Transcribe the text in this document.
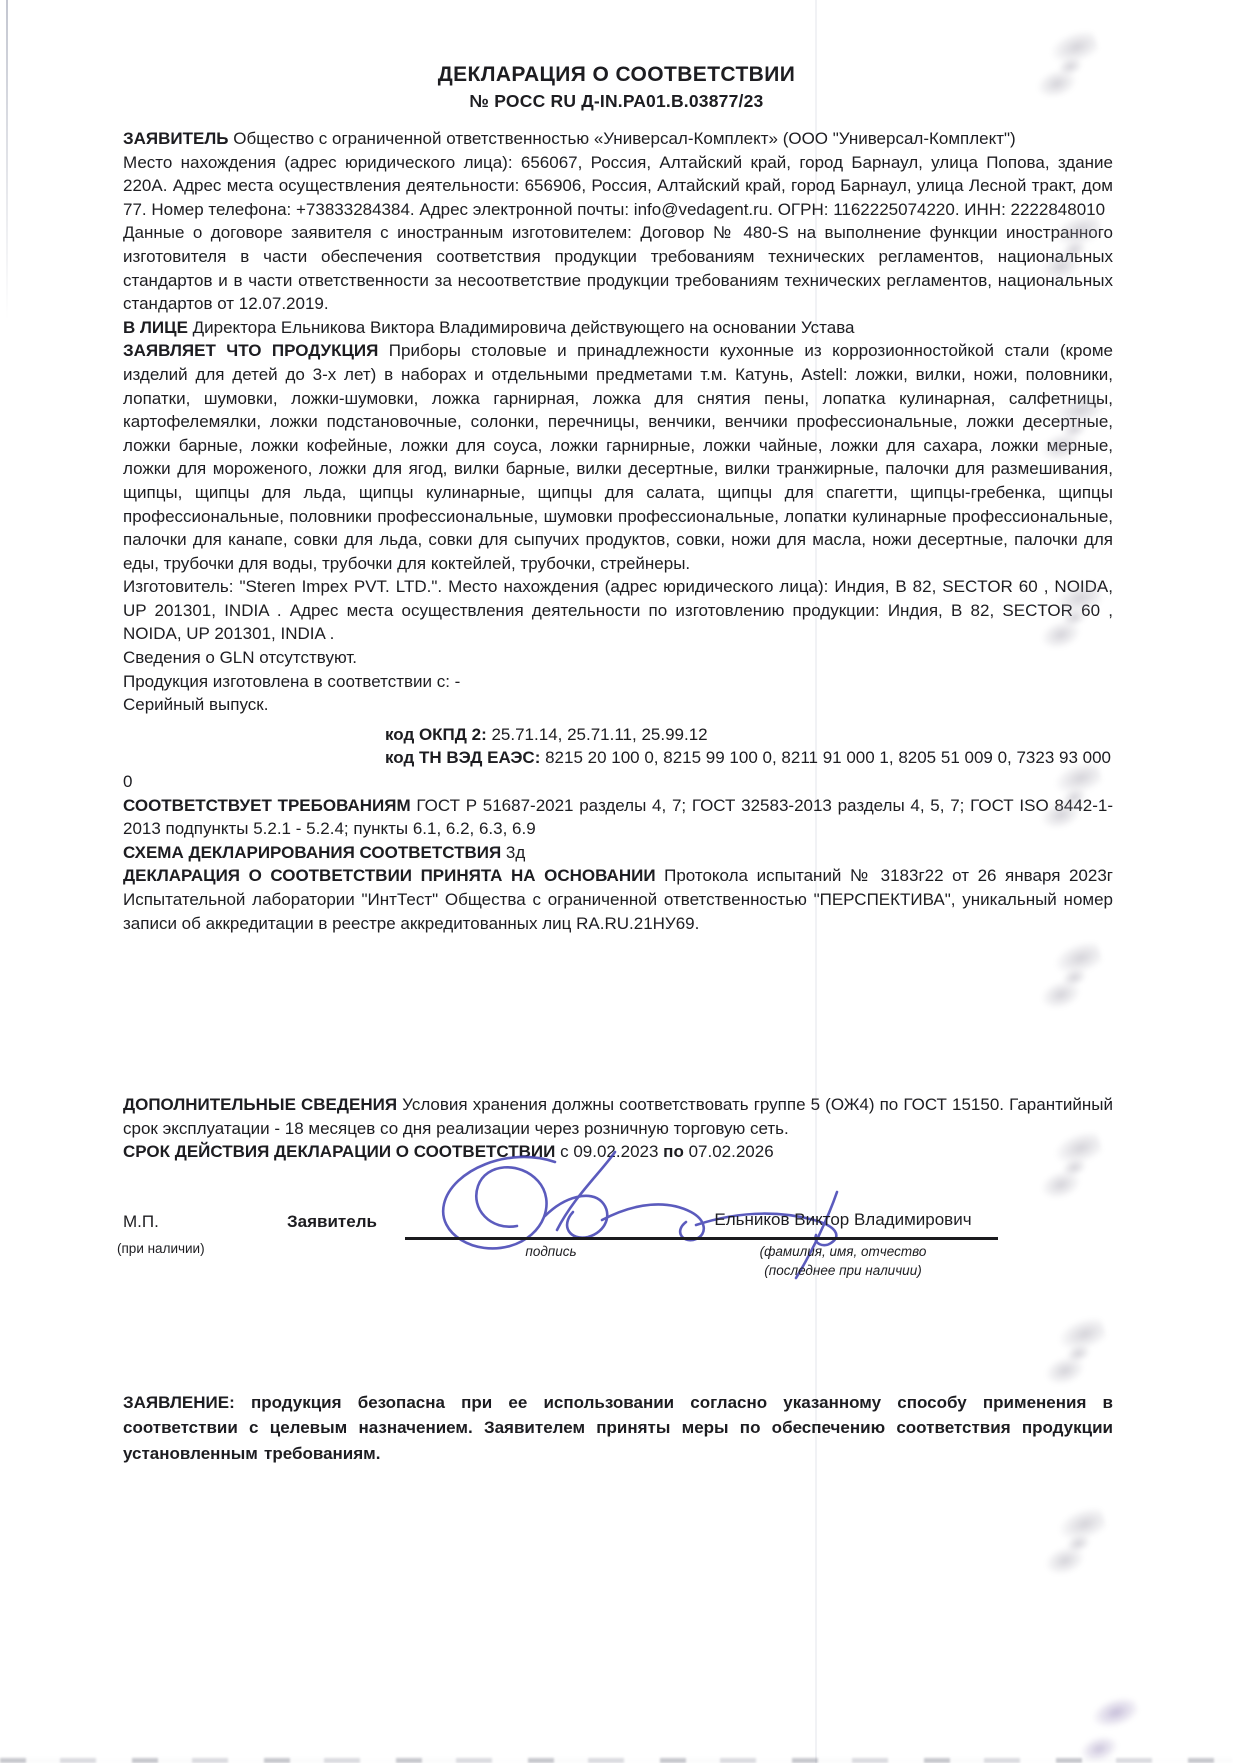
ДЕКЛАРАЦИЯ О СООТВЕТСТВИИ
№ РОСС RU Д-IN.РА01.В.03877/23

ЗАЯВИТЕЛЬ Общество с ограниченной ответственностью «Универсал-Комплект» (ООО "Универсал-Комплект")

Место нахождения (адрес юридического лица): 656067, Россия, Алтайский край, город Барнаул, улица Попова, здание 220А. Адрес места осуществления деятельности: 656906, Россия, Алтайский край, город Барнаул, улица Лесной тракт, дом 77. Номер телефона: +73833284384. Адрес электронной почты: info@vedagent.ru. ОГРН: 1162225074220. ИНН: 2222848010

Данные о договоре заявителя с иностранным изготовителем: Договор № 480-S на выполнение функции иностранного изготовителя в части обеспечения соответствия продукции требованиям технических регламентов, национальных стандартов и в части ответственности за несоответствие продукции требованиям технических регламентов, национальных стандартов от 12.07.2019.

В ЛИЦЕ Директора Ельникова Виктора Владимировича действующего на основании Устава

ЗАЯВЛЯЕТ ЧТО ПРОДУКЦИЯ Приборы столовые и принадлежности кухонные из коррозионностойкой стали (кроме изделий для детей до 3-х лет) в наборах и отдельными предметами т.м. Катунь, Astell: ложки, вилки, ножи, половники, лопатки, шумовки, ложки-шумовки, ложка гарнирная, ложка для снятия пены, лопатка кулинарная, салфетницы, картофелемялки, ложки подстановочные, солонки, перечницы, венчики, венчики профессиональные, ложки десертные, ложки барные, ложки кофейные, ложки для соуса, ложки гарнирные, ложки чайные, ложки для сахара, ложки мерные, ложки для мороженого, ложки для ягод, вилки барные, вилки десертные, вилки транжирные, палочки для размешивания, щипцы, щипцы для льда, щипцы кулинарные, щипцы для салата, щипцы для спагетти, щипцы-гребенка, щипцы профессиональные, половники профессиональные, шумовки профессиональные, лопатки кулинарные профессиональные, палочки для канапе, совки для льда, совки для сыпучих продуктов, совки, ножи для масла, ножи десертные, палочки для еды, трубочки для воды, трубочки для коктейлей, трубочки, стрейнеры.

Изготовитель: "Steren Impex PVT. LTD.". Место нахождения (адрес юридического лица): Индия, B 82, SECTOR 60 , NOIDA, UP 201301, INDIA . Адрес места осуществления деятельности по изготовлению продукции: Индия, B 82, SECTOR 60 , NOIDA, UP 201301, INDIA .

Сведения о GLN отсутствуют.

Продукция изготовлена в соответствии с: -

Серийный выпуск.

код ОКПД 2: 25.71.14, 25.71.11, 25.99.12

код ТН ВЭД ЕАЭС: 8215 20 100 0, 8215 99 100 0, 8211 91 000 1, 8205 51 009 0, 7323 93 000 0

СООТВЕТСТВУЕТ ТРЕБОВАНИЯМ ГОСТ Р 51687-2021 разделы 4, 7; ГОСТ 32583-2013 разделы 4, 5, 7; ГОСТ ISO 8442-1-2013 подпункты 5.2.1 - 5.2.4; пункты 6.1, 6.2, 6.3, 6.9

СХЕМА ДЕКЛАРИРОВАНИЯ СООТВЕТСТВИЯ 3д

ДЕКЛАРАЦИЯ О СООТВЕТСТВИИ ПРИНЯТА НА ОСНОВАНИИ Протокола испытаний № 3183г22 от 26 января 2023г Испытательной лаборатории "ИнтТест" Общества с ограниченной ответственностью "ПЕРСПЕКТИВА", уникальный номер записи об аккредитации в реестре аккредитованных лиц RA.RU.21НУ69.

ДОПОЛНИТЕЛЬНЫЕ СВЕДЕНИЯ Условия хранения должны соответствовать группе 5 (ОЖ4) по ГОСТ 15150. Гарантийный срок эксплуатации - 18 месяцев со дня реализации через розничную торговую сеть.

СРОК ДЕЙСТВИЯ ДЕКЛАРАЦИИ О СООТВЕТСТВИИ с 09.02.2023 по 07.02.2026

М.П.
(при наличии)
Заявитель
подпись
Ельников Виктор Владимирович
(фамилия, имя, отчество
(последнее при наличии)
ЗАЯВЛЕНИЕ: продукция безопасна при ее использовании согласно указанному способу применения в соответствии с целевым назначением. Заявителем приняты меры по обеспечению соответствия продукции установленным требованиям.
